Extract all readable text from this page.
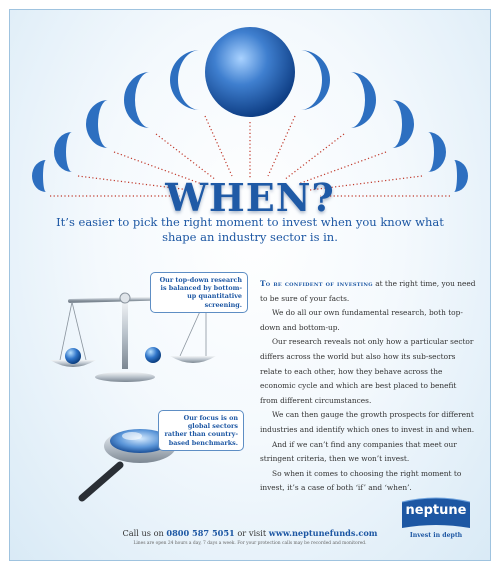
WHEN?
It’s easier to pick the right moment to invest when you know what shape an industry sector is in.
Our top-down research is balanced by bottom-up quantitative screening.
Our focus is on global sectors rather than country-based benchmarks.

To be confident of investing at the right time, you need to be sure of your facts.

We do all our own fundamental research, both top-down and bottom-up.

Our research reveals not only how a particular sector differs across the world but also how its sub-sectors relate to each other, how they behave across the economic cycle and which are best placed to benefit from different circumstances.

We can then gauge the growth prospects for different industries and identify which ones to invest in and when.

And if we can’t find any companies that meet our stringent criteria, then we won’t invest.

So when it comes to choosing the right moment to invest, it’s a case of both ‘if’ and ‘when’.

Call us on 0800 587 5051 or visit www.neptunefunds.com
Lines are open 24 hours a day, 7 days a week. For your protection calls may be recorded and monitored.
neptune
Invest in depth
